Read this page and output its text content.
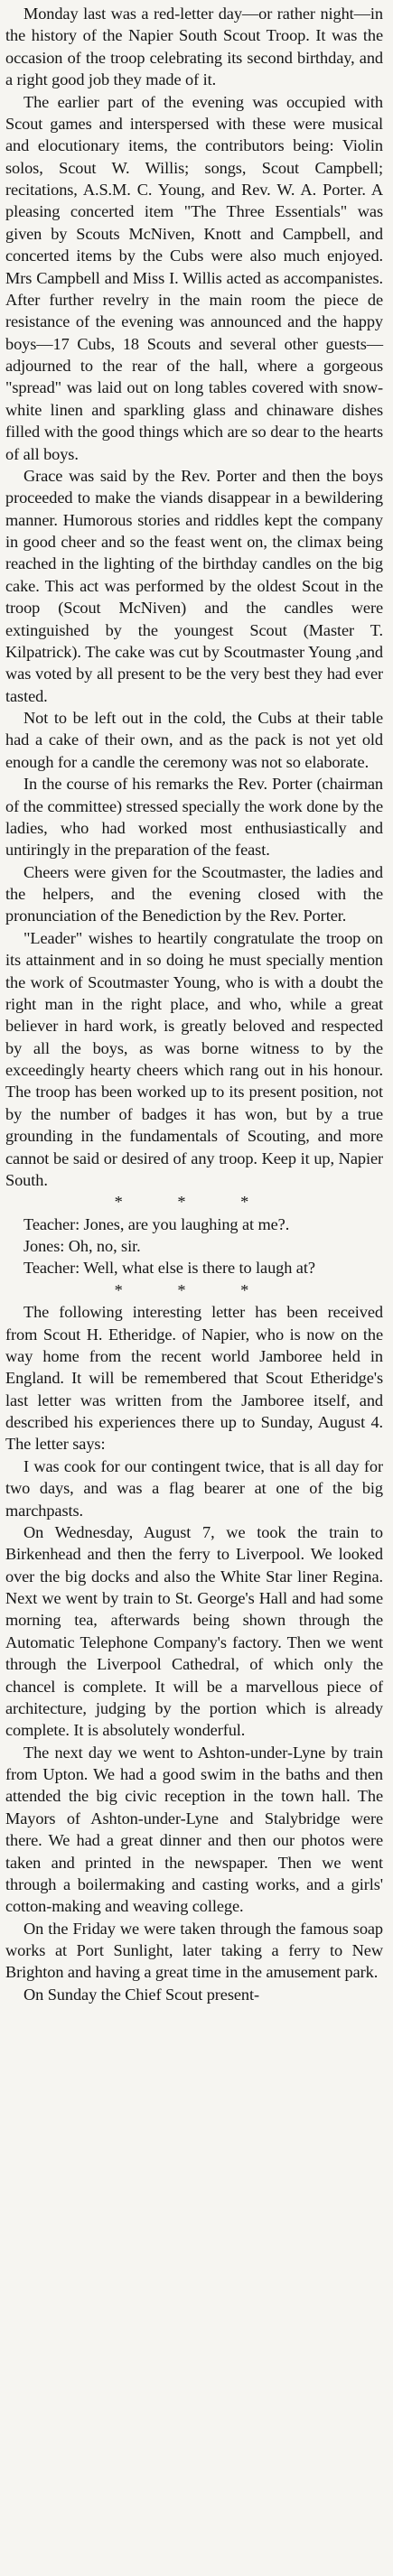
Monday last was a red-letter day—or rather night—in the history of the Napier South Scout Troop. It was the occasion of the troop celebrating its second birthday, and a right good job they made of it.

The earlier part of the evening was occupied with Scout games and interspersed with these were musical and elocutionary items, the contributors being: Violin solos, Scout W. Willis; songs, Scout Campbell; recitations, A.S.M. C. Young, and Rev. W. A. Porter. A pleasing concerted item "The Three Essentials" was given by Scouts McNiven, Knott and Campbell, and concerted items by the Cubs were also much enjoyed. Mrs Campbell and Miss I. Willis acted as accompanistes. After further revelry in the main room the piece de resistance of the evening was announced and the happy boys—17 Cubs, 18 Scouts and several other guests—adjourned to the rear of the hall, where a gorgeous "spread" was laid out on long tables covered with snow-white linen and sparkling glass and chinaware dishes filled with the good things which are so dear to the hearts of all boys.

Grace was said by the Rev. Porter and then the boys proceeded to make the viands disappear in a bewildering manner. Humorous stories and riddles kept the company in good cheer and so the feast went on, the climax being reached in the lighting of the birthday candles on the big cake. This act was performed by the oldest Scout in the troop (Scout McNiven) and the candles were extinguished by the youngest Scout (Master T. Kilpatrick). The cake was cut by Scoutmaster Young ,and was voted by all present to be the very best they had ever tasted.

Not to be left out in the cold, the Cubs at their table had a cake of their own, and as the pack is not yet old enough for a candle the ceremony was not so elaborate.

In the course of his remarks the Rev. Porter (chairman of the committee) stressed specially the work done by the ladies, who had worked most enthusiastically and untiringly in the preparation of the feast.

Cheers were given for the Scoutmaster, the ladies and the helpers, and the evening closed with the pronunciation of the Benediction by the Rev. Porter.

"Leader" wishes to heartily congratulate the troop on its attainment and in so doing he must specially mention the work of Scoutmaster Young, who is with a doubt the right man in the right place, and who, while a great believer in hard work, is greatly beloved and respected by all the boys, as was borne witness to by the exceedingly hearty cheers which rang out in his honour. The troop has been worked up to its present position, not by the number of badges it has won, but by a true grounding in the fundamentals of Scouting, and more cannot be said or desired of any troop. Keep it up, Napier South.

* * *

Teacher: Jones, are you laughing at me?.

Jones: Oh, no, sir.

Teacher: Well, what else is there to laugh at?

* * *

The following interesting letter has been received from Scout H. Etheridge. of Napier, who is now on the way home from the recent world Jamboree held in England. It will be remembered that Scout Etheridge's last letter was written from the Jamboree itself, and described his experiences there up to Sunday, August 4. The letter says:

I was cook for our contingent twice, that is all day for two days, and was a flag bearer at one of the big marchpasts.

On Wednesday, August 7, we took the train to Birkenhead and then the ferry to Liverpool. We looked over the big docks and also the White Star liner Regina. Next we went by train to St. George's Hall and had some morning tea, afterwards being shown through the Automatic Telephone Company's factory. Then we went through the Liverpool Cathedral, of which only the chancel is complete. It will be a marvellous piece of architecture, judging by the portion which is already complete. It is absolutely wonderful.

The next day we went to Ashton-under-Lyne by train from Upton. We had a good swim in the baths and then attended the big civic reception in the town hall. The Mayors of Ashton-under-Lyne and Stalybridge were there. We had a great dinner and then our photos were taken and printed in the newspaper. Then we went through a boilermaking and casting works, and a girls' cotton-making and weaving college.

On the Friday we were taken through the famous soap works at Port Sunlight, later taking a ferry to New Brighton and having a great time in the amusement park.

On Sunday the Chief Scout present-
